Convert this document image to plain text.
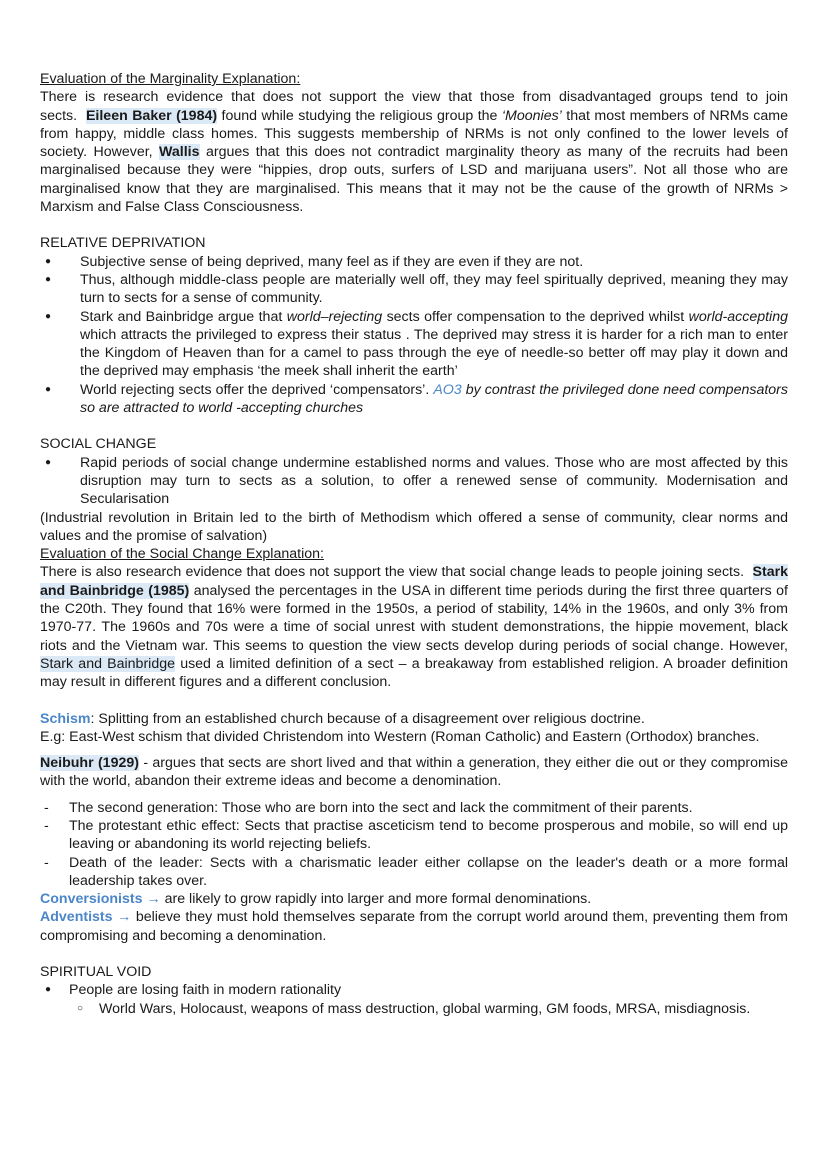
Evaluation of the Marginality Explanation:

There is research evidence that does not support the view that those from disadvantaged groups tend to join sects. Eileen Baker (1984) found while studying the religious group the ‘Moonies’ that most members of NRMs came from happy, middle class homes. This suggests membership of NRMs is not only confined to the lower levels of society. However, Wallis argues that this does not contradict marginality theory as many of the recruits had been marginalised because they were “hippies, drop outs, surfers of LSD and marijuana users”. Not all those who are marginalised know that they are marginalised. This means that it may not be the cause of the growth of NRMs > Marxism and False Class Consciousness.

RELATIVE DEPRIVATION

● Subjective sense of being deprived, many feel as if they are even if they are not.
● Thus, although middle-class people are materially well off, they may feel spiritually deprived, meaning they may turn to sects for a sense of community.
● Stark and Bainbridge argue that world–rejecting sects offer compensation to the deprived whilst world-accepting which attracts the privileged to express their status . The deprived may stress it is harder for a rich man to enter the Kingdom of Heaven than for a camel to pass through the eye of needle-so better off may play it down and the deprived may emphasis ‘the meek shall inherit the earth’
● World rejecting sects offer the deprived ‘compensators’. AO3 by contrast the privileged done need compensators so are attracted to world -accepting churches

SOCIAL CHANGE

● Rapid periods of social change undermine established norms and values. Those who are most affected by this disruption may turn to sects as a solution, to offer a renewed sense of community. Modernisation and Secularisation

(Industrial revolution in Britain led to the birth of Methodism which offered a sense of community, clear norms and values and the promise of salvation)

Evaluation of the Social Change Explanation:

There is also research evidence that does not support the view that social change leads to people joining sects. Stark and Bainbridge (1985) analysed the percentages in the USA in different time periods during the first three quarters of the C20th. They found that 16% were formed in the 1950s, a period of stability, 14% in the 1960s, and only 3% from 1970-77. The 1960s and 70s were a time of social unrest with student demonstrations, the hippie movement, black riots and the Vietnam war. This seems to question the view sects develop during periods of social change. However, Stark and Bainbridge used a limited definition of a sect – a breakaway from established religion. A broader definition may result in different figures and a different conclusion.

Schism: Splitting from an established church because of a disagreement over religious doctrine.

E.g: East-West schism that divided Christendom into Western (Roman Catholic) and Eastern (Orthodox) branches.

Neibuhr (1929) - argues that sects are short lived and that within a generation, they either die out or they compromise with the world, abandon their extreme ideas and become a denomination.

- The second generation: Those who are born into the sect and lack the commitment of their parents.
- The protestant ethic effect: Sects that practise asceticism tend to become prosperous and mobile, so will end up leaving or abandoning its world rejecting beliefs.
- Death of the leader: Sects with a charismatic leader either collapse on the leader's death or a more formal leadership takes over.

Conversionists → are likely to grow rapidly into larger and more formal denominations.

Adventists → believe they must hold themselves separate from the corrupt world around them, preventing them from compromising and becoming a denomination.

SPIRITUAL VOID

● People are losing faith in modern rationality
○ World Wars, Holocaust, weapons of mass destruction, global warming, GM foods, MRSA, misdiagnosis.
